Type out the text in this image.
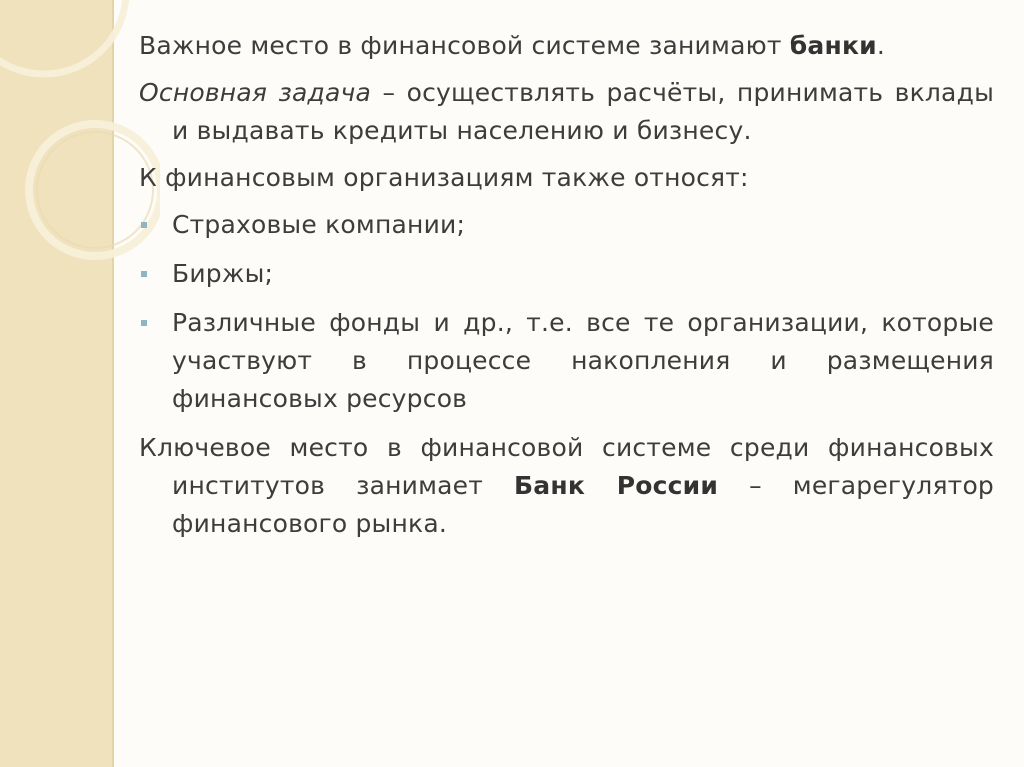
Важное место в финансовой системе занимают банки.

Основная задача – осуществлять расчёты, принимать вклады и выдавать кредиты населению и бизнесу.

К финансовым организациям также относят:

Страховые компании;
Биржы;
Различные фонды и др., т.е. все те организации, которые участвуют в процессе накопления и размещения финансовых ресурсов

Ключевое место в финансовой системе среди финансовых институтов занимает Банк России – мегарегулятор финансового рынка.
